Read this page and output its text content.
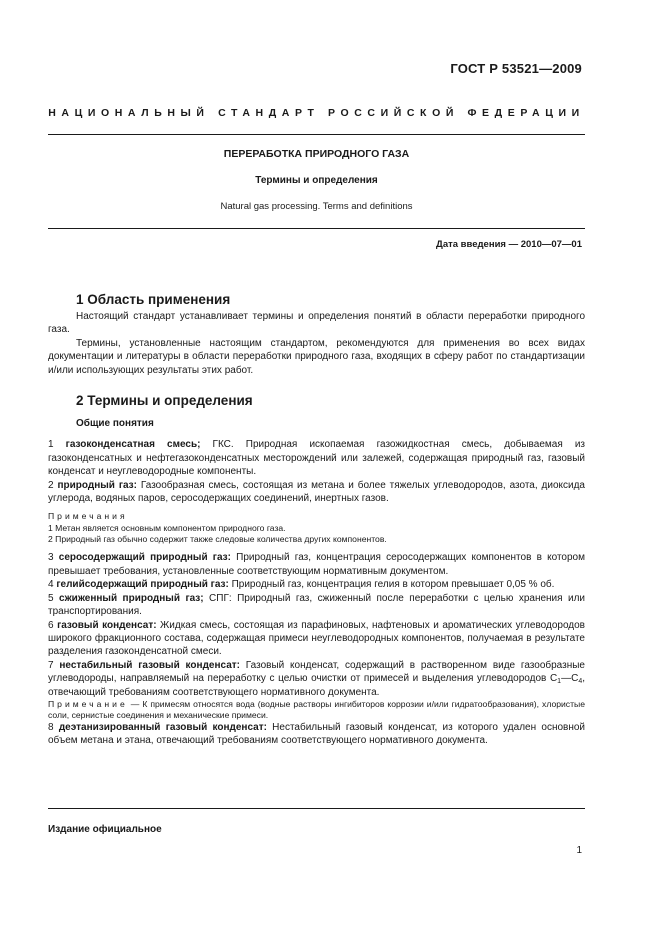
ГОСТ Р 53521—2009
НАЦИОНАЛЬНЫЙ СТАНДАРТ РОССИЙСКОЙ ФЕДЕРАЦИИ
ПЕРЕРАБОТКА ПРИРОДНОГО ГАЗА
Термины и определения
Natural gas processing. Terms and definitions
Дата введения — 2010—07—01
1 Область применения

Настоящий стандарт устанавливает термины и определения понятий в области переработки природного газа.

Термины, установленные настоящим стандартом, рекомендуются для применения во всех видах документации и литературы в области переработки природного газа, входящих в сферу работ по стандартизации и/или использующих результаты этих работ.

2 Термины и определения
Общие понятия

1 газоконденсатная смесь; ГКС. Природная ископаемая газожидкостная смесь, добываемая из газоконденсатных и нефтегазоконденсатных месторождений или залежей, содержащая природный газ, газовый конденсат и неуглеводородные компоненты.

2 природный газ: Газообразная смесь, состоящая из метана и более тяжелых углеводородов, азота, диоксида углерода, водяных паров, серосодержащих соединений, инертных газов.

Примечания
1 Метан является основным компонентом природного газа.
2 Природный газ обычно содержит также следовые количества других компонентов.

3 серосодержащий природный газ: Природный газ, концентрация серосодержащих компонентов в котором превышает требования, установленные соответствующим нормативным документом.

4 гелийсодержащий природный газ: Природный газ, концентрация гелия в котором превышает 0,05 % об.

5 сжиженный природный газ; СПГ: Природный газ, сжиженный после переработки с целью хранения или транспортирования.

6 газовый конденсат: Жидкая смесь, состоящая из парафиновых, нафтеновых и ароматических углеводородов широкого фракционного состава, содержащая примеси неуглеводородных компонентов, получаемая в результате разделения газоконденсатной смеси.

7 нестабильный газовый конденсат: Газовый конденсат, содержащий в растворенном виде газообразные углеводороды, направляемый на переработку с целью очистки от примесей и выделения углеводородов $C_1—C_4$, отвечающий требованиям соответствующего нормативного документа.

Примечание — К примесям относятся вода (водные растворы ингибиторов коррозии и/или гидратообразования), хлористые соли, сернистые соединения и механические примеси.

8 деэтанизированный газовый конденсат: Нестабильный газовый конденсат, из которого удален основной объем метана и этана, отвечающий требованиям соответствующего нормативного документа.

Издание официальное
1
